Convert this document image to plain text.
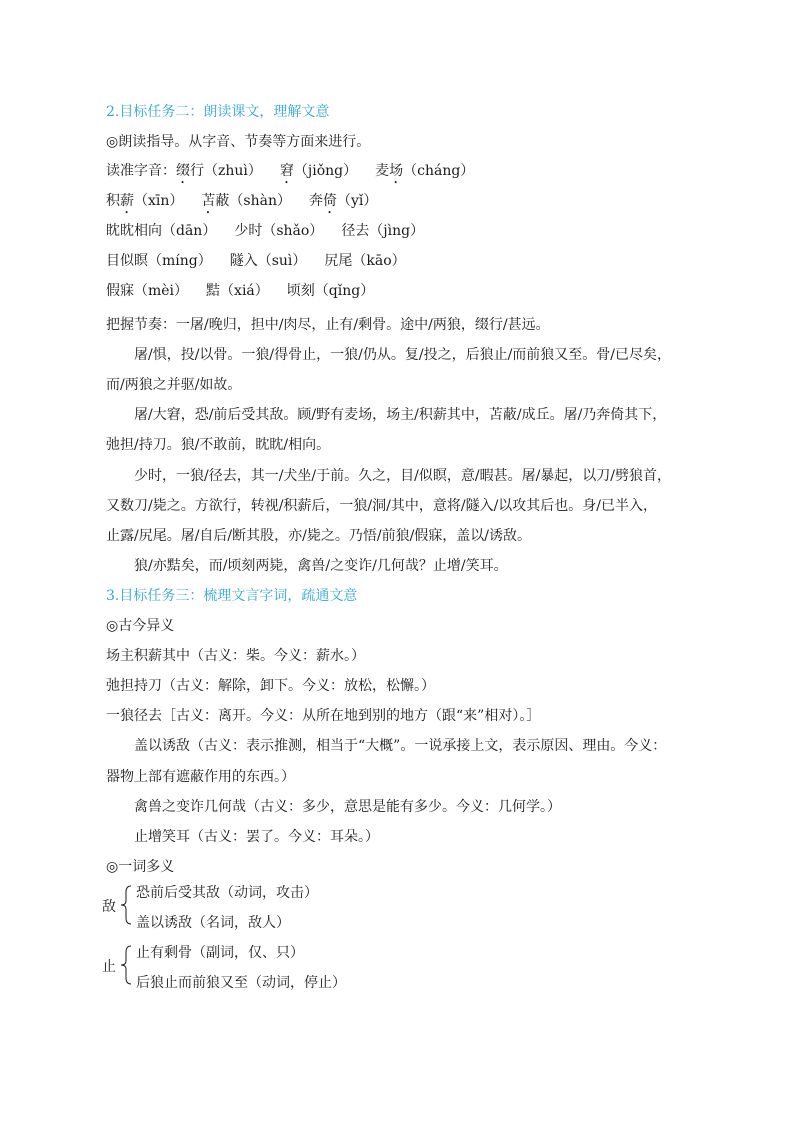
2.目标任务二：朗读课文，理解文意
◎朗读指导。从字音、节奏等方面来进行。
读准字音：缀行（zhuì） 窘（jiǒng） 麦场（cháng）
积薪（xīn） 苫蔽（shàn） 奔倚（yǐ）
眈眈相向（dān） 少时（shǎo） 径去（jìng）
目似瞑（míng） 隧入（suì） 尻尾（kāo）
假寐（mèi） 黠（xiá） 顷刻（qǐng）
把握节奏：一屠/晚归，担中/肉尽，止有/剩骨。途中/两狼，缀行/甚远。
屠/惧，投/以骨。一狼/得骨止，一狼/仍从。复/投之，后狼止/而前狼又至。骨/已尽矣，
而/两狼之并驱/如故。
屠/大窘，恐/前后受其敌。顾/野有麦场，场主/积薪其中，苫蔽/成丘。屠/乃奔倚其下，
弛担/持刀。狼/不敢前，眈眈/相向。
少时，一狼/径去，其一/犬坐/于前。久之，目/似瞑，意/暇甚。屠/暴起，以刀/劈狼首，
又数刀/毙之。方欲行，转视/积薪后，一狼/洞/其中，意将/隧入/以攻其后也。身/已半入，
止露/尻尾。屠/自后/断其股，亦/毙之。乃悟/前狼/假寐，盖以/诱敌。
狼/亦黠矣，而/顷刻两毙，禽兽/之变诈/几何哉？止增/笑耳。
3.目标任务三：梳理文言字词，疏通文意
◎古今异义
场主积薪其中（古义：柴。今义：薪水。）
弛担持刀（古义：解除，卸下。今义：放松，松懈。）
一狼径去［古义：离开。今义：从所在地到别的地方（跟“来”相对）。］
盖以诱敌（古义：表示推测，相当于“大概”。一说承接上文，表示原因、理由。今义：
器物上部有遮蔽作用的东西。）
禽兽之变诈几何哉（古义：多少，意思是能有多少。今义：几何学。）
止增笑耳（古义：罢了。今义：耳朵。）
◎一词多义
敌
恐前后受其敌（动词，攻击）
盖以诱敌（名词，敌人）
止
止有剩骨（副词，仅、只）
后狼止而前狼又至（动词，停止）
